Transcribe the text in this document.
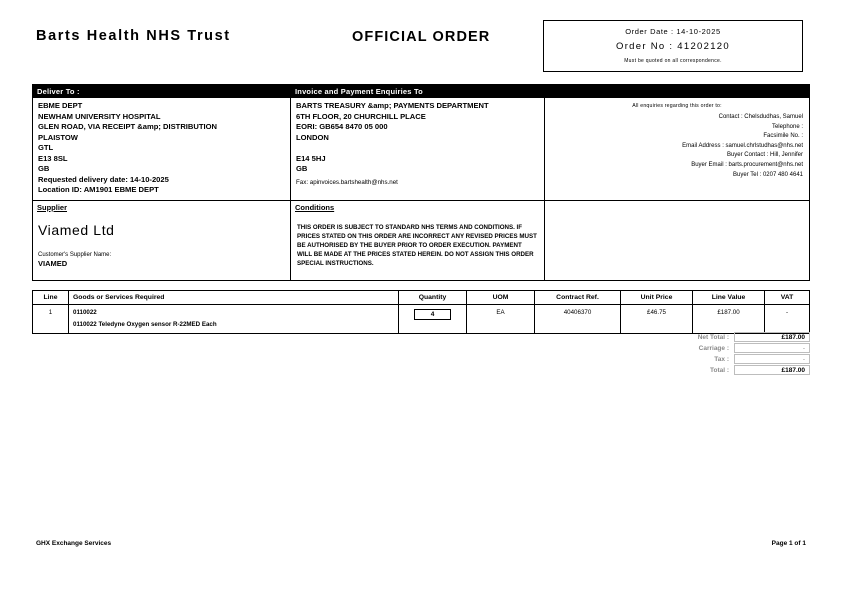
Barts Health NHS Trust	OFFICIAL ORDER	Order Date : 14-10-2025
Order No : 41202120
Must be quoted on all correspondence.
Deliver To :	Invoice and Payment Enquiries To

EBME DEPT
NEWHAM UNIVERSITY HOSPITAL
GLEN ROAD, VIA RECEIPT &amp; DISTRIBUTION
PLAISTOW
GTL
E13 8SL
GB
Requested delivery date: 14-10-2025
Location ID: AM1901 EBME DEPT
BARTS TREASURY &amp; PAYMENTS DEPARTMENT
6TH FLOOR, 20 CHURCHILL PLACE
EORI: GB654 8470 05 000
LONDON

E14 5HJ
GB
Fax: apinvoices.bartshealth@nhs.net
All enquiries regarding this order to:
Contact : Chelsdudhas, Samuel
Telephone :
Facsimile No. :
Email Address : samuel.chrlstudhas@nhs.net
Buyer Contact : Hill, Jennifer
Buyer Email : barts.procurement@nhs.net
Buyer Tel : 0207 480 4641
Supplier	Conditions

Viamed Ltd
Customer's Supplier Name:
VIAMED
THIS ORDER IS SUBJECT TO STANDARD NHS TERMS AND CONDITIONS. IF PRICES STATED ON THIS ORDER ARE INCORRECT ANY REVISED PRICES MUST BE AUTHORISED BY THE BUYER PRIOR TO ORDER EXECUTION. PAYMENT WILL BE MADE AT THE PRICES STATED HEREIN. DO NOT ASSIGN THIS ORDER SPECIAL INSTRUCTIONS.

Line	Goods or Services Required	Quantity	UOM	Contract Ref.	Unit Price	Line Value	VAT
1	0110022
0110022 Teledyne Oxygen sensor R-22MED Each
4	EA	40406370	£46.75	£187.00	-
Net Total :	£187.00
Carriage :	-
Tax :	-
Total :	£187.00
GHX Exchange Services	Page 1 of 1
